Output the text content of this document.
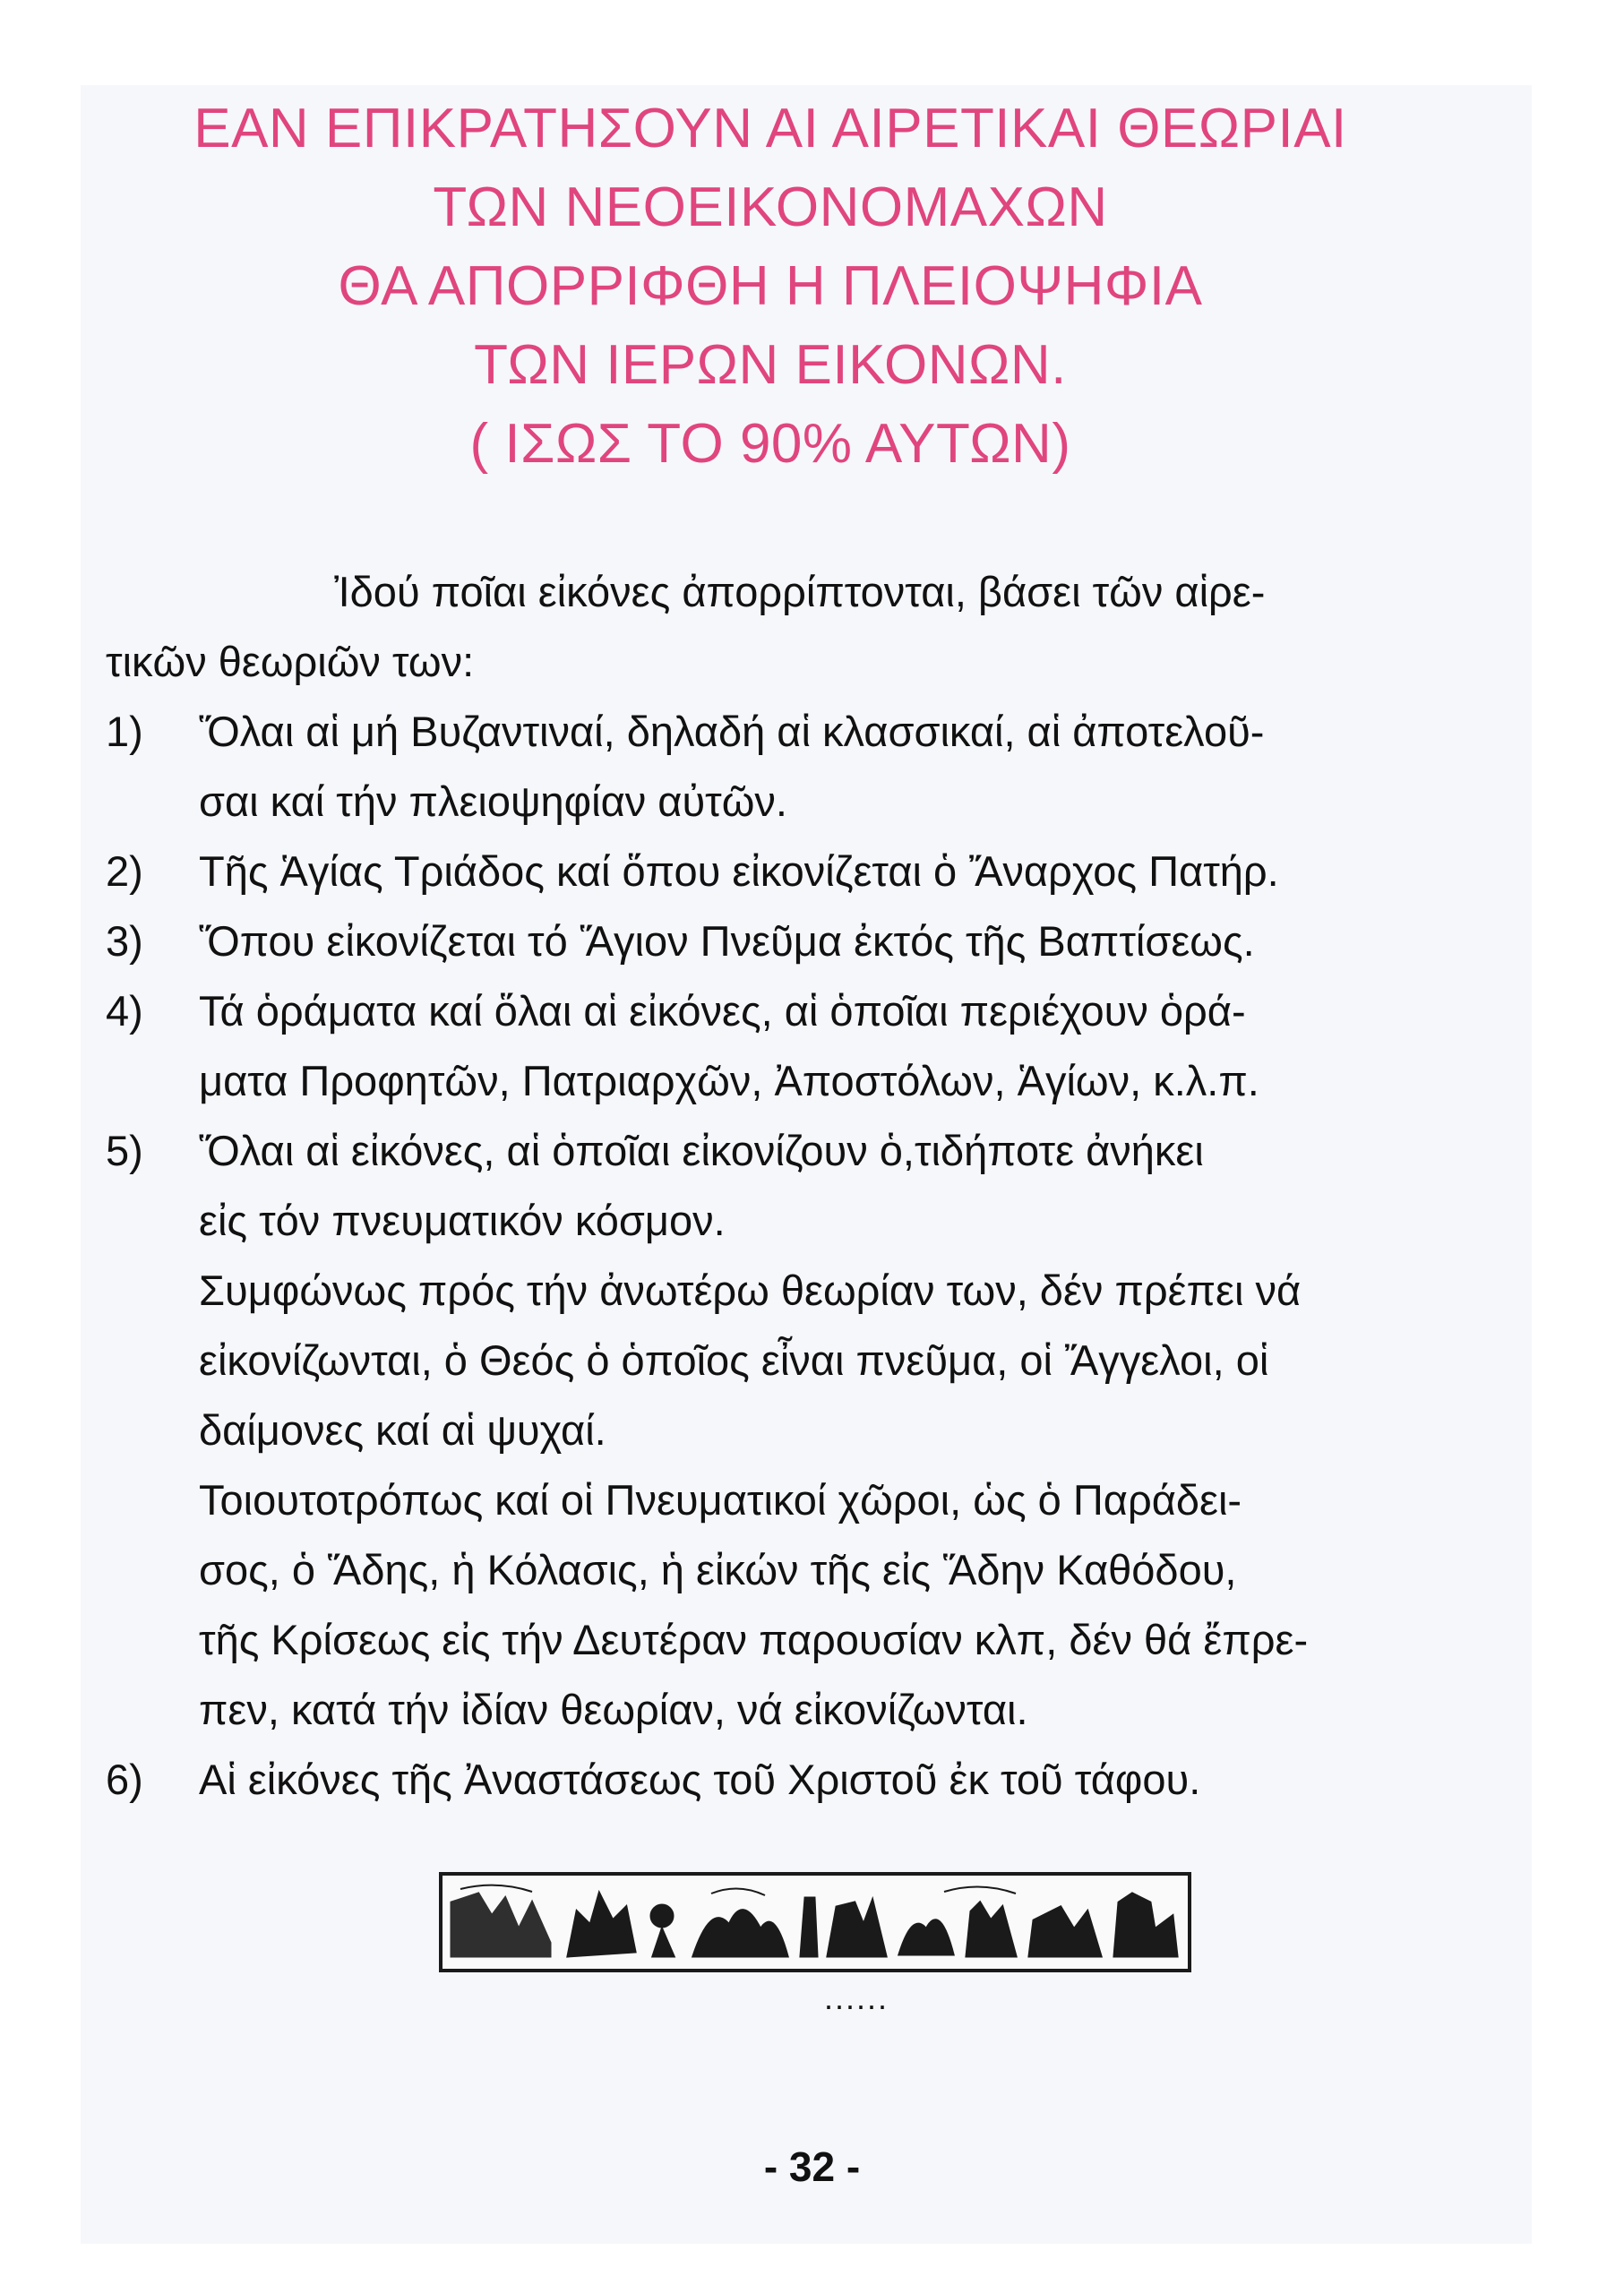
ΕΑΝ ΕΠΙΚΡΑΤΗΣΟΥΝ ΑΙ ΑΙΡΕΤΙΚΑΙ ΘΕΩΡΙΑΙ
ΤΩΝ ΝΕΟΕΙΚΟΝΟΜΑΧΩΝ
ΘΑ ΑΠΟΡΡΙΦΘΗ Η ΠΛΕΙΟΨΗΦΙΑ
ΤΩΝ ΙΕΡΩΝ ΕΙΚΟΝΩΝ.
( ΙΣΩΣ ΤΟ 90% ΑΥΤΩΝ)
Ἰδού ποῖαι εἰκόνες ἀπορρίπτονται, βάσει τῶν αἱρε-
τικῶν θεωριῶν των:
1) Ὅλαι αἱ μή Βυζαντιναί, δηλαδή αἱ κλασσικαί, αἱ ἀποτελοῦ-
σαι καί τήν πλειοψηφίαν αὐτῶν.
2) Τῆς Ἁγίας Τριάδος καί ὅπου εἰκονίζεται ὁ Ἄναρχος Πατήρ.
3) Ὅπου εἰκονίζεται τό Ἅγιον Πνεῦμα ἐκτός τῆς Βαπτίσεως.
4) Τά ὁράματα καί ὅλαι αἱ εἰκόνες, αἱ ὁποῖαι περιέχουν ὁρά-
ματα Προφητῶν, Πατριαρχῶν, Ἀποστόλων, Ἁγίων, κ.λ.π.
5) Ὅλαι αἱ εἰκόνες, αἱ ὁποῖαι εἰκονίζουν ὁ,τιδήποτε ἀνήκει
εἰς τόν πνευματικόν κόσμον.
Συμφώνως πρός τήν ἀνωτέρω θεωρίαν των, δέν πρέπει νά
εἰκονίζωνται, ὁ Θεός ὁ ὁποῖος εἶναι πνεῦμα, οἱ Ἄγγελοι, οἱ
δαίμονες καί αἱ ψυχαί.
Τοιουτοτρόπως καί οἱ Πνευματικοί χῶροι, ὡς ὁ Παράδει-
σος, ὁ Ἅδης, ἡ Κόλασις, ἡ εἰκών τῆς εἰς Ἅδην Καθόδου,
τῆς Κρίσεως εἰς τήν Δευτέραν παρουσίαν κλπ, δέν θά ἔπρε-
πεν, κατά τήν ἰδίαν θεωρίαν, νά εἰκονίζωνται.
6) Αἱ εἰκόνες τῆς Ἀναστάσεως τοῦ Χριστοῦ ἐκ τοῦ τάφου.
......
- 32 -
